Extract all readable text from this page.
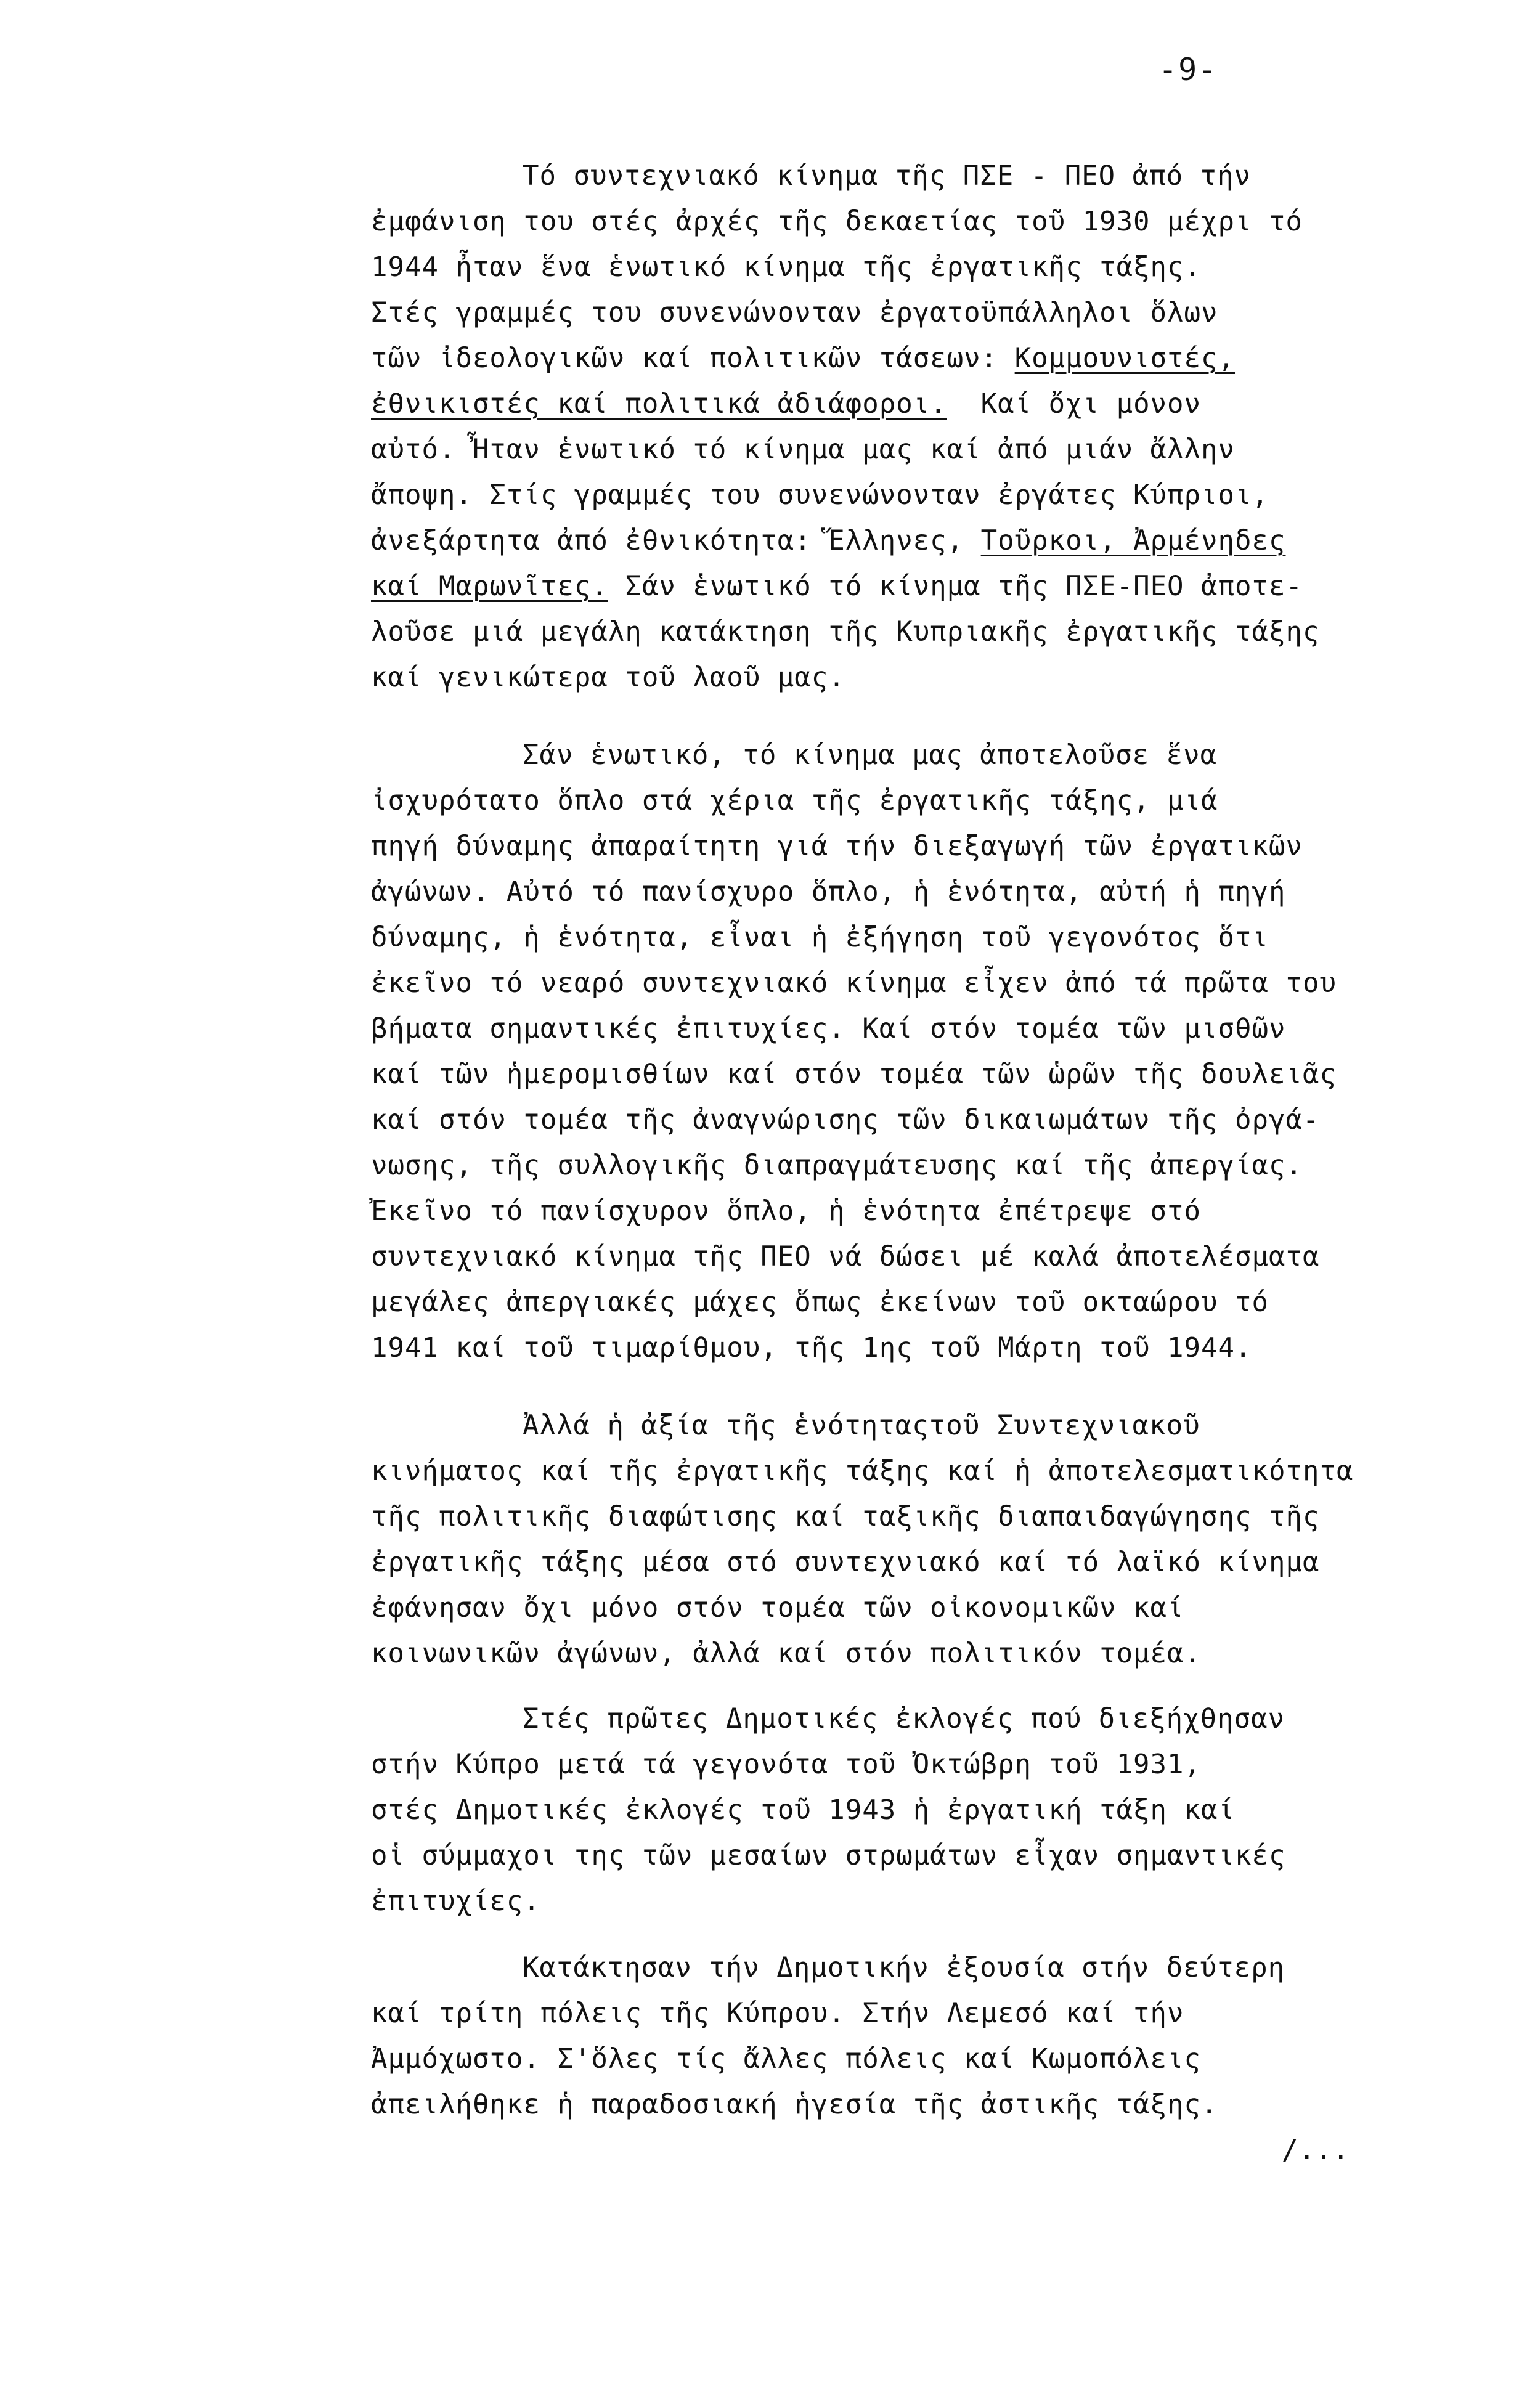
-9-
Τό συντεχνιακό κίνημα τῆς ΠΣΕ - ΠΕΟ ἀπό τήν
ἐμφάνιση του στές ἀρχές τῆς δεκαετίας τοῦ 1930 μέχρι τό
1944 ἦταν ἕνα ἑνωτικό κίνημα τῆς ἐργατικῆς τάξης.
Στές γραμμές του συνενώνονταν ἐργατοϋπάλληλοι ὅλων
τῶν ἰδεολογικῶν καί πολιτικῶν τάσεων: Κομμουνιστές,
ἐθνικιστές καί πολιτικά ἀδιάφοροι.  Καί ὄχι μόνον
αὐτό. Ἦταν ἑνωτικό τό κίνημα μας καί ἀπό μιάν ἄλλην
ἄποψη. Στίς γραμμές του συνενώνονταν ἐργάτες Κύπριοι,
ἀνεξάρτητα ἀπό ἐθνικότητα: Ἕλληνες, Τοῦρκοι, Ἀρμένηδες
καί Μαρωνῖτες. Σάν ἑνωτικό τό κίνημα τῆς ΠΣΕ-ΠΕΟ ἀποτε-
λοῦσε μιά μεγάλη κατάκτηση τῆς Κυπριακῆς ἐργατικῆς τάξης
καί γενικώτερα τοῦ λαοῦ μας.
Σάν ἑνωτικό, τό κίνημα μας ἀποτελοῦσε ἕνα
ἰσχυρότατο ὅπλο στά χέρια τῆς ἐργατικῆς τάξης, μιά
πηγή δύναμης ἀπαραίτητη γιά τήν διεξαγωγή τῶν ἐργατικῶν
ἀγώνων. Αὐτό τό πανίσχυρο ὅπλο, ἡ ἑνότητα, αὐτή ἡ πηγή
δύναμης, ἡ ἑνότητα, εἶναι ἡ ἐξήγηση τοῦ γεγονότος ὅτι
ἐκεῖνο τό νεαρό συντεχνιακό κίνημα εἶχεν ἀπό τά πρῶτα του
βήματα σημαντικές ἐπιτυχίες. Καί στόν τομέα τῶν μισθῶν
καί τῶν ἡμερομισθίων καί στόν τομέα τῶν ὡρῶν τῆς δουλειᾶς
καί στόν τομέα τῆς ἀναγνώρισης τῶν δικαιωμάτων τῆς ὀργά-
νωσης, τῆς συλλογικῆς διαπραγμάτευσης καί τῆς ἀπεργίας.
Ἐκεῖνο τό πανίσχυρον ὅπλο, ἡ ἑνότητα ἐπέτρεψε στό
συντεχνιακό κίνημα τῆς ΠΕΟ νά δώσει μέ καλά ἀποτελέσματα
μεγάλες ἀπεργιακές μάχες ὅπως ἐκείνων τοῦ οκταώρου τό
1941 καί τοῦ τιμαρίθμου, τῆς 1ης τοῦ Μάρτη τοῦ 1944.
Ἀλλά ἡ ἀξία τῆς ἑνότηταςτοῦ Συντεχνιακοῦ
κινήματος καί τῆς ἐργατικῆς τάξης καί ἡ ἀποτελεσματικότητα
τῆς πολιτικῆς διαφώτισης καί ταξικῆς διαπαιδαγώγησης τῆς
ἐργατικῆς τάξης μέσα στό συντεχνιακό καί τό λαϊκό κίνημα
ἐφάνησαν ὄχι μόνο στόν τομέα τῶν οἰκονομικῶν καί
κοινωνικῶν ἀγώνων, ἀλλά καί στόν πολιτικόν τομέα.
Στές πρῶτες Δημοτικές ἐκλογές πού διεξήχθησαν
στήν Κύπρο μετά τά γεγονότα τοῦ Ὀκτώβρη τοῦ 1931,
στές Δημοτικές ἐκλογές τοῦ 1943 ἡ ἐργατική τάξη καί
οἱ σύμμαχοι της τῶν μεσαίων στρωμάτων εἶχαν σημαντικές
ἐπιτυχίες.
Κατάκτησαν τήν Δημοτικήν ἐξουσία στήν δεύτερη
καί τρίτη πόλεις τῆς Κύπρου. Στήν Λεμεσό καί τήν
Ἀμμόχωστο. Σ'ὅλες τίς ἄλλες πόλεις καί Κωμοπόλεις
ἀπειλήθηκε ἡ παραδοσιακή ἡγεσία τῆς ἀστικῆς τάξης.
/...
